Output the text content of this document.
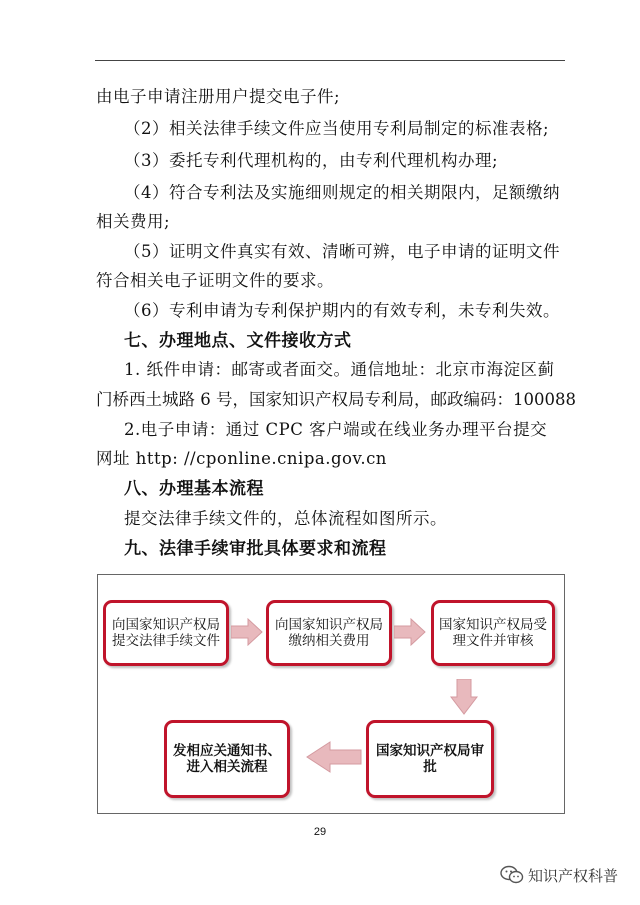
由电子申请注册用户提交电子件;
（2）相关法律手续文件应当使用专利局制定的标准表格;
（3）委托专利代理机构的，由专利代理机构办理;
（4）符合专利法及实施细则规定的相关期限内，足额缴纳
相关费用;
（5）证明文件真实有效、清晰可辨，电子申请的证明文件
符合相关电子证明文件的要求。
（6）专利申请为专利保护期内的有效专利，未专利失效。
七、办理地点、文件接收方式
1. 纸件申请：邮寄或者面交。通信地址：北京市海淀区蓟
门桥西土城路 6 号，国家知识产权局专利局，邮政编码：100088
2.电子申请：通过 CPC 客户端或在线业务办理平台提交
网址 http: //cponline.cnipa.gov.cn
八、办理基本流程
提交法律手续文件的，总体流程如图所示。
九、法律手续审批具体要求和流程
向国家知识产权局提交法律手续文件
向国家知识产权局缴纳相关费用
国家知识产权局受理文件并审核
国家知识产权局审批
发相应关通知书、进入相关流程
29
知识产权科普
